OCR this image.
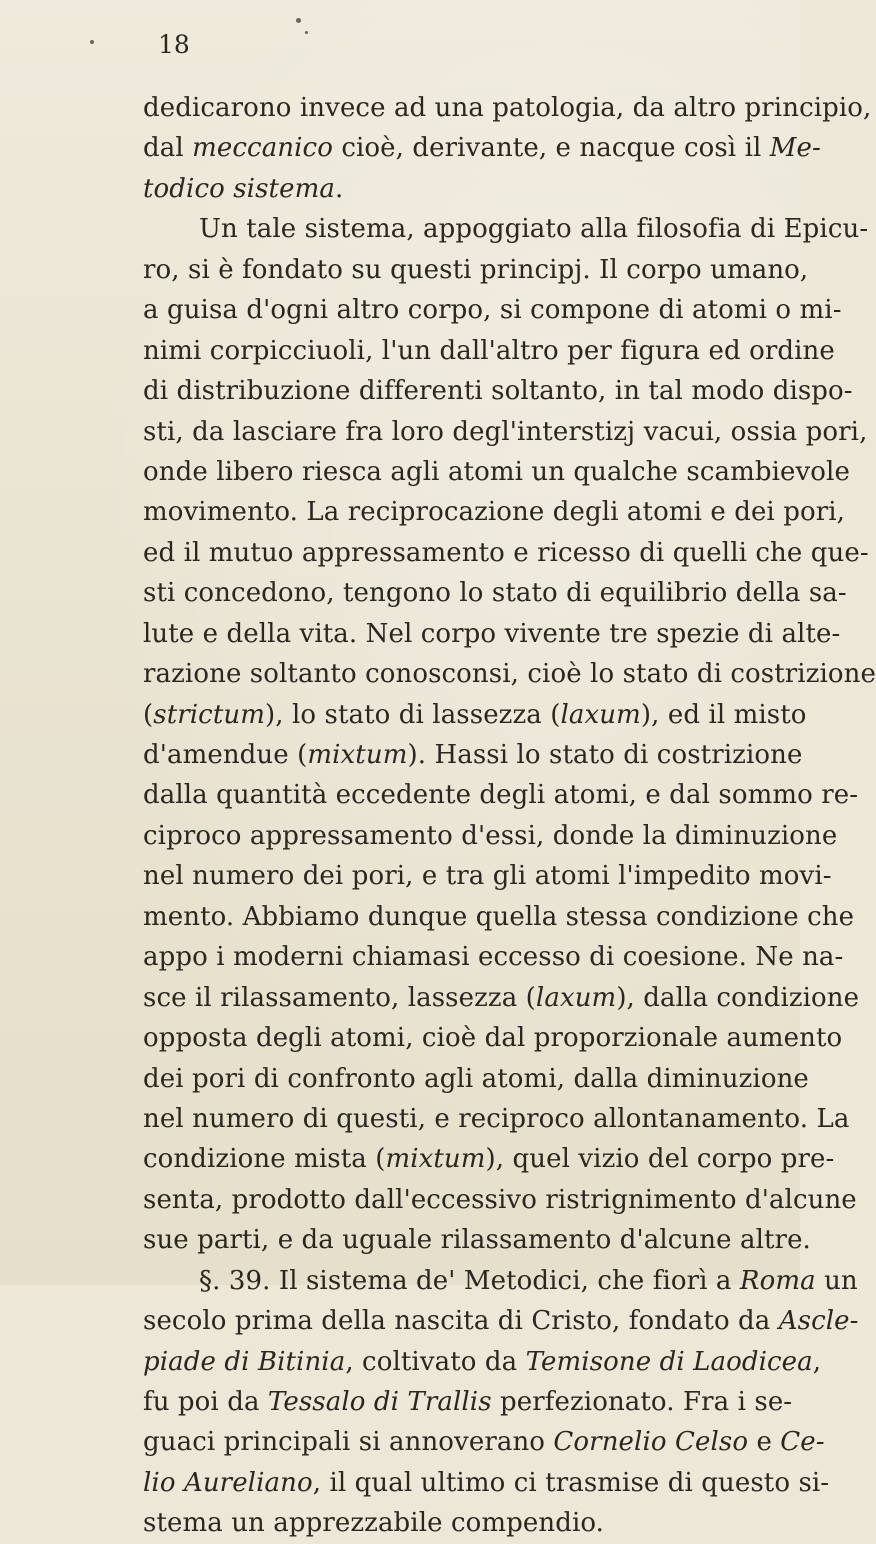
18

dedicarono invece ad una patologia, da altro principio,
dal meccanico cioè, derivante, e nacque così il Me-
todico sistema.
Un tale sistema, appoggiato alla filosofia di Epicu-
ro, si è fondato su questi principj. Il corpo umano,
a guisa d'ogni altro corpo, si compone di atomi o mi-
nimi corpicciuoli, l'un dall'altro per figura ed ordine
di distribuzione differenti soltanto, in tal modo dispo-
sti, da lasciare fra loro degl'interstizj vacui, ossia pori,
onde libero riesca agli atomi un qualche scambievole
movimento. La reciprocazione degli atomi e dei pori,
ed il mutuo appressamento e ricesso di quelli che que-
sti concedono, tengono lo stato di equilibrio della sa-
lute e della vita. Nel corpo vivente tre spezie di alte-
razione soltanto conosconsi, cioè lo stato di costrizione
(strictum), lo stato di lassezza (laxum), ed il misto
d'amendue (mixtum). Hassi lo stato di costrizione
dalla quantità eccedente degli atomi, e dal sommo re-
ciproco appressamento d'essi, donde la diminuzione
nel numero dei pori, e tra gli atomi l'impedito movi-
mento. Abbiamo dunque quella stessa condizione che
appo i moderni chiamasi eccesso di coesione. Ne na-
sce il rilassamento, lassezza (laxum), dalla condizione
opposta degli atomi, cioè dal proporzionale aumento
dei pori di confronto agli atomi, dalla diminuzione
nel numero di questi, e reciproco allontanamento. La
condizione mista (mixtum), quel vizio del corpo pre-
senta, prodotto dall'eccessivo ristrignimento d'alcune
sue parti, e da uguale rilassamento d'alcune altre.
§. 39. Il sistema de' Metodici, che fiorì a Roma un
secolo prima della nascita di Cristo, fondato da Ascle-
piade di Bitinia, coltivato da Temisone di Laodicea,
fu poi da Tessalo di Trallis perfezionato. Fra i se-
guaci principali si annoverano Cornelio Celso e Ce-
lio Aureliano, il qual ultimo ci trasmise di questo si-
stema un apprezzabile compendio.
